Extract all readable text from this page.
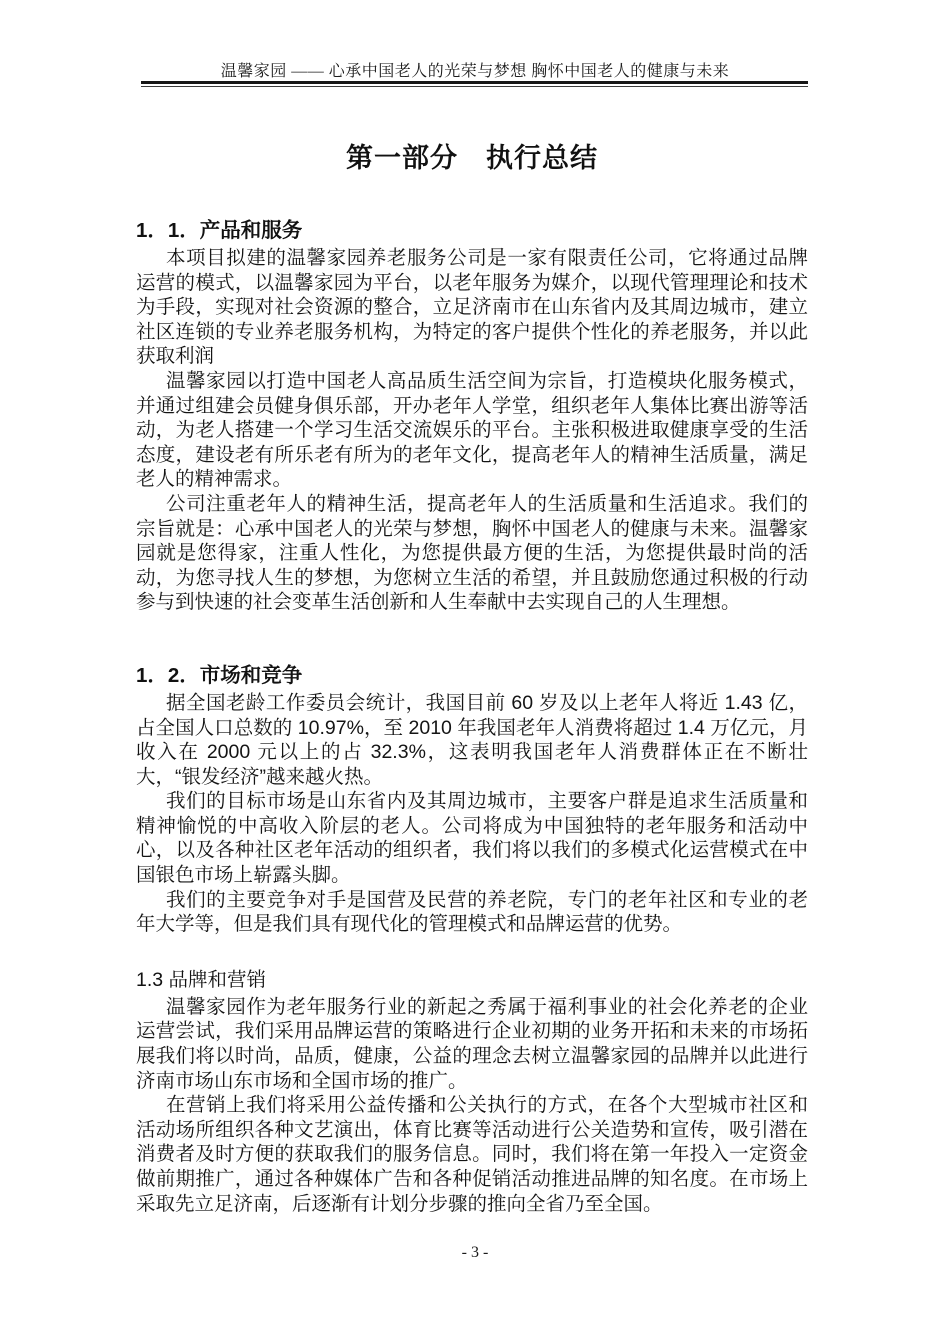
温馨家园 —— 心承中国老人的光荣与梦想 胸怀中国老人的健康与未来
第一部分　执行总结
1．1．产品和服务

本项目拟建的温馨家园养老服务公司是一家有限责任公司，它将通过品牌运营的模式，以温馨家园为平台，以老年服务为媒介，以现代管理理论和技术为手段，实现对社会资源的整合，立足济南市在山东省内及其周边城市，建立社区连锁的专业养老服务机构，为特定的客户提供个性化的养老服务，并以此获取利润

温馨家园以打造中国老人高品质生活空间为宗旨，打造模块化服务模式，并通过组建会员健身俱乐部，开办老年人学堂，组织老年人集体比赛出游等活动，为老人搭建一个学习生活交流娱乐的平台。主张积极进取健康享受的生活态度，建设老有所乐老有所为的老年文化，提高老年人的精神生活质量，满足老人的精神需求。

公司注重老年人的精神生活，提高老年人的生活质量和生活追求。我们的宗旨就是：心承中国老人的光荣与梦想，胸怀中国老人的健康与未来。温馨家园就是您得家，注重人性化，为您提供最方便的生活，为您提供最时尚的活动，为您寻找人生的梦想，为您树立生活的希望，并且鼓励您通过积极的行动参与到快速的社会变革生活创新和人生奉献中去实现自己的人生理想。

1．2．市场和竞争

据全国老龄工作委员会统计，我国目前 60 岁及以上老年人将近 1.43 亿，占全国人口总数的 10.97%，至 2010 年我国老年人消费将超过 1.4 万亿元，月收入在 2000 元以上的占 32.3%，这表明我国老年人消费群体正在不断壮大，“银发经济”越来越火热。

我们的目标市场是山东省内及其周边城市，主要客户群是追求生活质量和精神愉悦的中高收入阶层的老人。公司将成为中国独特的老年服务和活动中心，以及各种社区老年活动的组织者，我们将以我们的多模式化运营模式在中国银色市场上崭露头脚。

我们的主要竞争对手是国营及民营的养老院，专门的老年社区和专业的老年大学等，但是我们具有现代化的管理模式和品牌运营的优势。

1.3 品牌和营销

温馨家园作为老年服务行业的新起之秀属于福利事业的社会化养老的企业运营尝试，我们采用品牌运营的策略进行企业初期的业务开拓和未来的市场拓展我们将以时尚，品质，健康，公益的理念去树立温馨家园的品牌并以此进行济南市场山东市场和全国市场的推广。

在营销上我们将采用公益传播和公关执行的方式，在各个大型城市社区和活动场所组织各种文艺演出，体育比赛等活动进行公关造势和宣传，吸引潜在消费者及时方便的获取我们的服务信息。同时，我们将在第一年投入一定资金做前期推广，通过各种媒体广告和各种促销活动推进品牌的知名度。在市场上采取先立足济南，后逐渐有计划分步骤的推向全省乃至全国。

- 3 -
